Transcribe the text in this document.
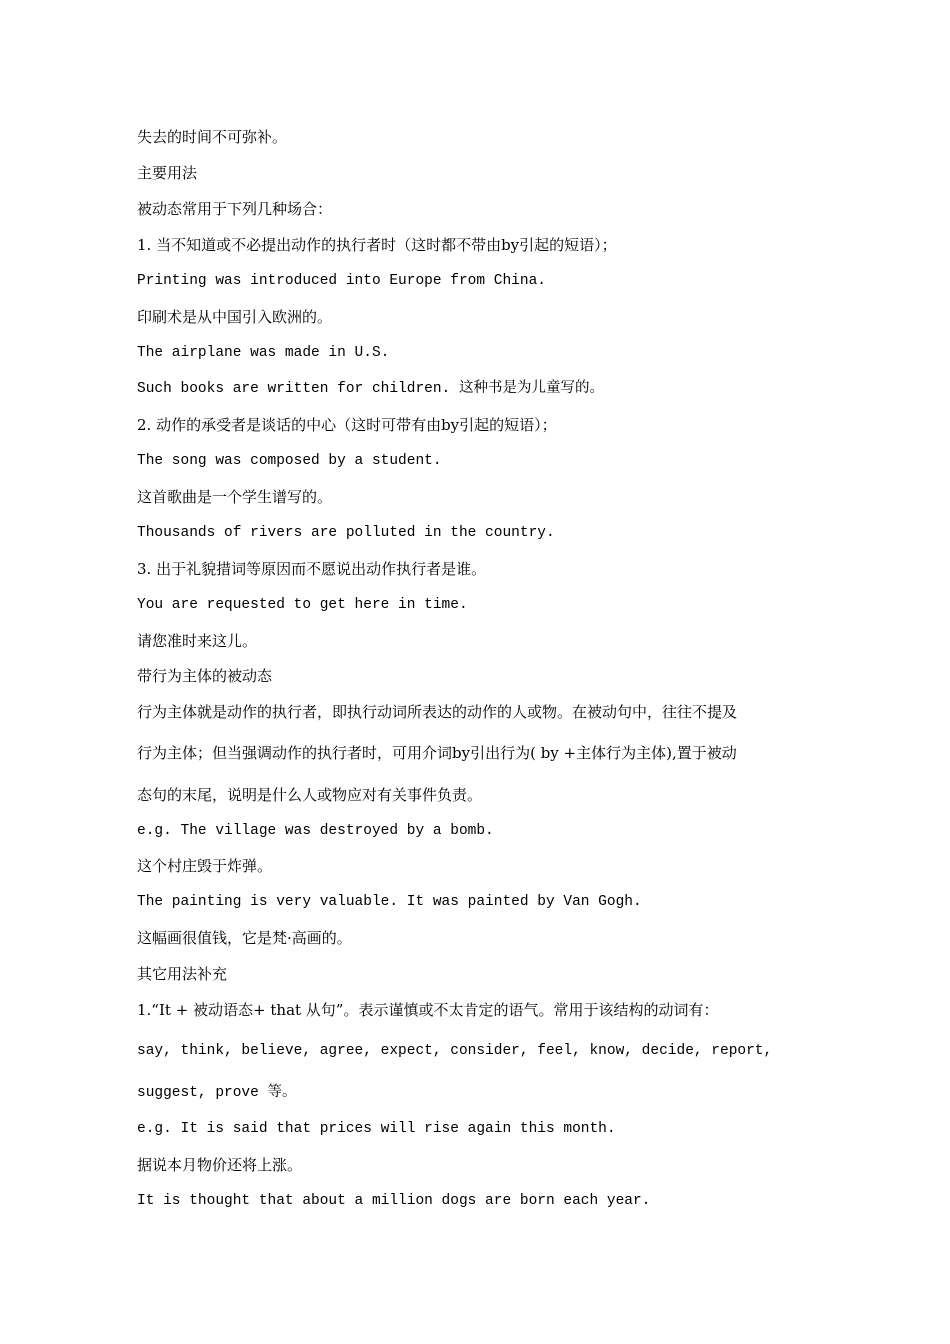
失去的时间不可弥补。
主要用法
被动态常用于下列几种场合：
1. 当不知道或不必提出动作的执行者时（这时都不带由by引起的短语）；
Printing was introduced into Europe from China.
印刷术是从中国引入欧洲的。
The airplane was made in U.S.
Such books are written for children. 这种书是为儿童写的。
2. 动作的承受者是谈话的中心（这时可带有由by引起的短语）；
The song was composed by a student.
这首歌曲是一个学生谱写的。
Thousands of rivers are polluted in the country.
3. 出于礼貌措词等原因而不愿说出动作执行者是谁。
You are requested to get here in time.
请您准时来这儿。
带行为主体的被动态
行为主体就是动作的执行者，即执行动词所表达的动作的人或物。在被动句中，往往不提及
行为主体；但当强调动作的执行者时，可用介词by引出行为( by +主体行为主体),置于被动
态句的末尾，说明是什么人或物应对有关事件负责。
e.g. The village was destroyed by a bomb.
这个村庄毁于炸弹。
The painting is very valuable. It was painted by Van Gogh.
这幅画很值钱，它是梵·高画的。
其它用法补充
1.“It + 被动语态+ that 从句”。表示谨慎或不太肯定的语气。常用于该结构的动词有：
say, think, believe, agree, expect, consider, feel, know, decide, report,
suggest, prove 等。
e.g. It is said that prices will rise again this month.
据说本月物价还将上涨。
It is thought that about a million dogs are born each year.
